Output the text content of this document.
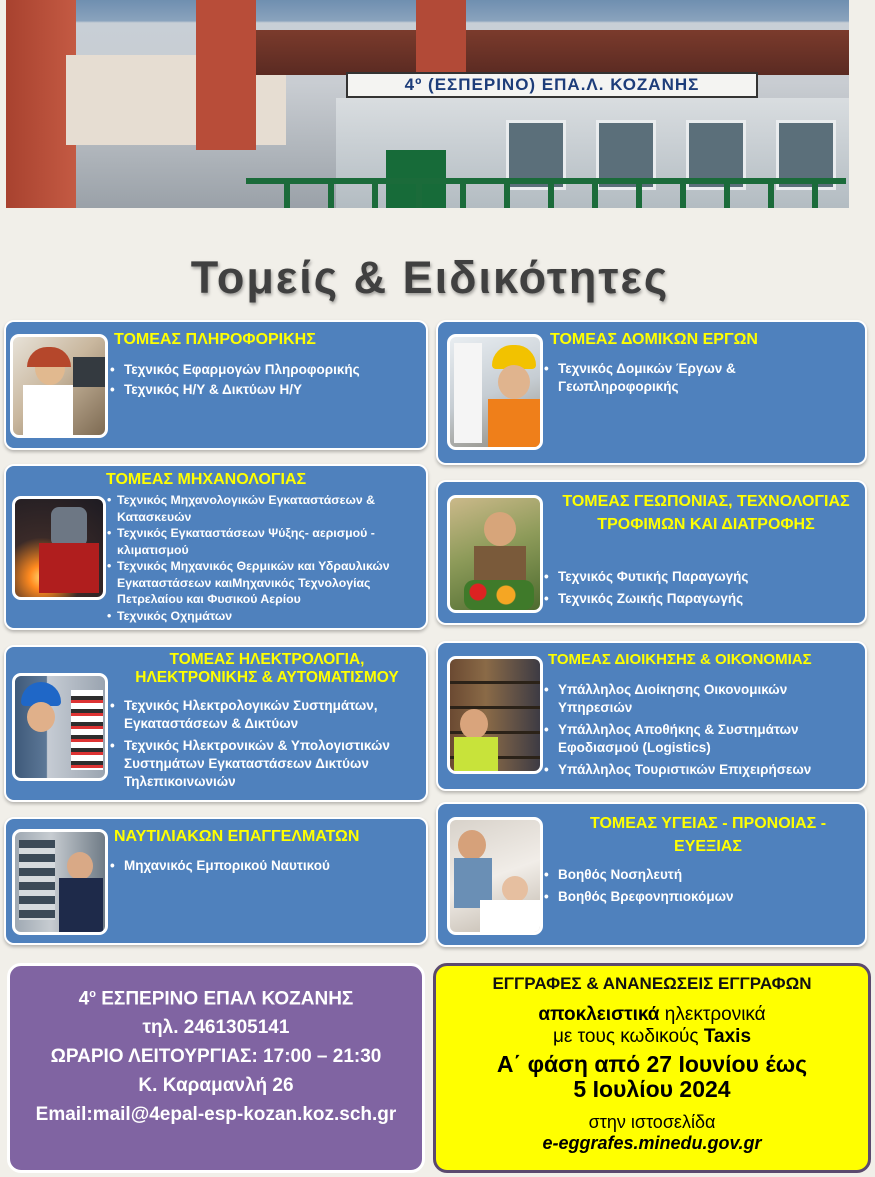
4º (ΕΣΠΕΡΙΝΟ) ΕΠΑ.Λ. ΚΟΖΑΝΗΣ
Τομείς & Ειδικότητες
ΤΟΜΕΑΣ ΠΛΗΡΟΦΟΡΙΚΗΣ
• Τεχνικός Εφαρμογών Πληροφορικής
• Τεχνικός Η/Υ & Δικτύων Η/Υ
ΤΟΜΕΑΣ ΔΟΜΙΚΩΝ ΕΡΓΩΝ
• Τεχνικός Δομικών Έργων & Γεωπληροφορικής
ΤΟΜΕΑΣ ΜΗΧΑΝΟΛΟΓΙΑΣ
• Τεχνικός Μηχανολογικών Εγκαταστάσεων & Κατασκευών
• Τεχνικός Εγκαταστάσεων Ψύξης- αερισμού - κλιματισμού
• Τεχνικός Μηχανικός Θερμικών και Υδραυλικών Εγκαταστάσεων καιΜηχανικός Τεχνολογίας Πετρελαίου και Φυσικού Αερίου
• Τεχνικός Οχημάτων
ΤΟΜΕΑΣ ΓΕΩΠΟΝΙΑΣ, ΤΕΧΝΟΛΟΓΙΑΣ ΤΡΟΦΙΜΩΝ ΚΑΙ ΔΙΑΤΡΟΦΗΣ
• Τεχνικός Φυτικής Παραγωγής
• Τεχνικός Ζωικής Παραγωγής
ΤΟΜΕΑΣ ΗΛΕΚΤΡΟΛΟΓΙΑ, ΗΛΕΚΤΡΟΝΙΚΗΣ & ΑΥΤΟΜΑΤΙΣΜΟΥ
• Τεχνικός Ηλεκτρολογικών Συστημάτων, Εγκαταστάσεων & Δικτύων
• Τεχνικός Ηλεκτρονικών & Υπολογιστικών Συστημάτων Εγκαταστάσεων Δικτύων Τηλεπικοινωνιών
ΤΟΜΕΑΣ ΔΙΟΙΚΗΣΗΣ & ΟΙΚΟΝΟΜΙΑΣ
• Υπάλληλος Διοίκησης Οικονομικών Υπηρεσιών
• Υπάλληλος Αποθήκης & Συστημάτων Εφοδιασμού (Logistics)
• Υπάλληλος Τουριστικών Επιχειρήσεων
ΝΑΥΤΙΛΙΑΚΩΝ ΕΠΑΓΓΕΛΜΑΤΩΝ
• Μηχανικός Εμπορικού Ναυτικού
ΤΟΜΕΑΣ ΥΓΕΙΑΣ - ΠΡΟΝΟΙΑΣ - ΕΥΕΞΙΑΣ
• Βοηθός Νοσηλευτή
• Βοηθός Βρεφονηπιοκόμων
$4^o$ ΕΣΠΕΡΙΝΟ ΕΠΑΛ ΚΟΖΑΝΗΣ
τηλ. 2461305141
ΩΡΑΡΙΟ ΛΕΙΤΟΥΡΓΙΑΣ: 17:00 – 21:30
Κ. Καραμανλή 26
Email:mail@4epal-esp-kozan.koz.sch.gr
ΕΓΓΡΑΦΕΣ & ΑΝΑΝΕΩΣΕΙΣ ΕΓΓΡΑΦΩΝ
αποκλειστικά ηλεκτρονικά
με τους κωδικούς Taxis
Α΄ φάση από 27 Ιουνίου έως
5 Ιουλίου 2024
στην ιστοσελίδα
e-eggrafes.minedu.gov.gr
